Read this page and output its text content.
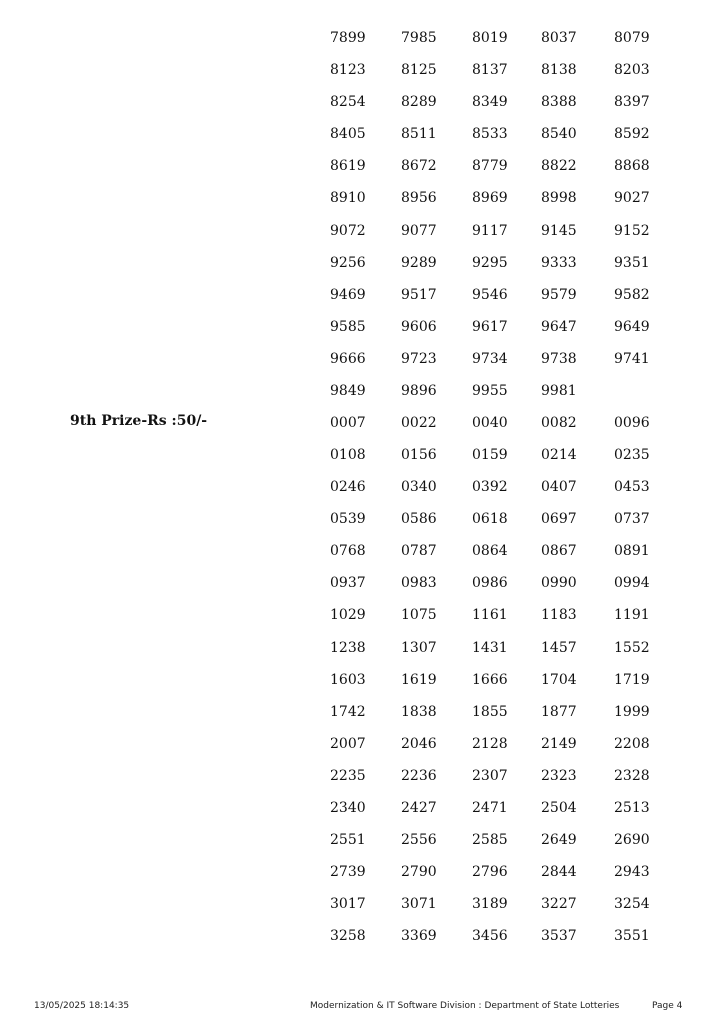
9th Prize-Rs :50/-
7899	7985	8019 8037	8079
8123	8125	8137 8138	8203
8254	8289	8349 8388	8397
8405	8511	8533 8540	8592
8619	8672	8779 8822	8868
8910	8956	8969 8998	9027
9072	9077	9117 9145	9152
9256	9289	9295 9333	9351
9469	9517	9546 9579	9582
9585	9606	9617 9647	9649
9666	9723	9734 9738	9741
9849	9896	9955 9981
0007	0022	0040 0082	0096
0108	0156	0159 0214	0235
0246	0340	0392 0407	0453
0539	0586	0618 0697	0737
0768	0787	0864 0867	0891
0937	0983	0986 0990	0994
1029	1075	1161 1183	1191
1238	1307	1431 1457	1552
1603	1619	1666 1704	1719
1742	1838	1855 1877	1999
2007	2046	2128 2149	2208
2235	2236	2307 2323	2328
2340	2427	2471 2504	2513
2551	2556	2585 2649	2690
2739	2790	2796 2844	2943
3017	3071	3189 3227	3254
3258	3369	3456 3537	3551
13/05/2025 18:14:35	Modernization & IT Software Division : Department of State Lotteries	Page 4
